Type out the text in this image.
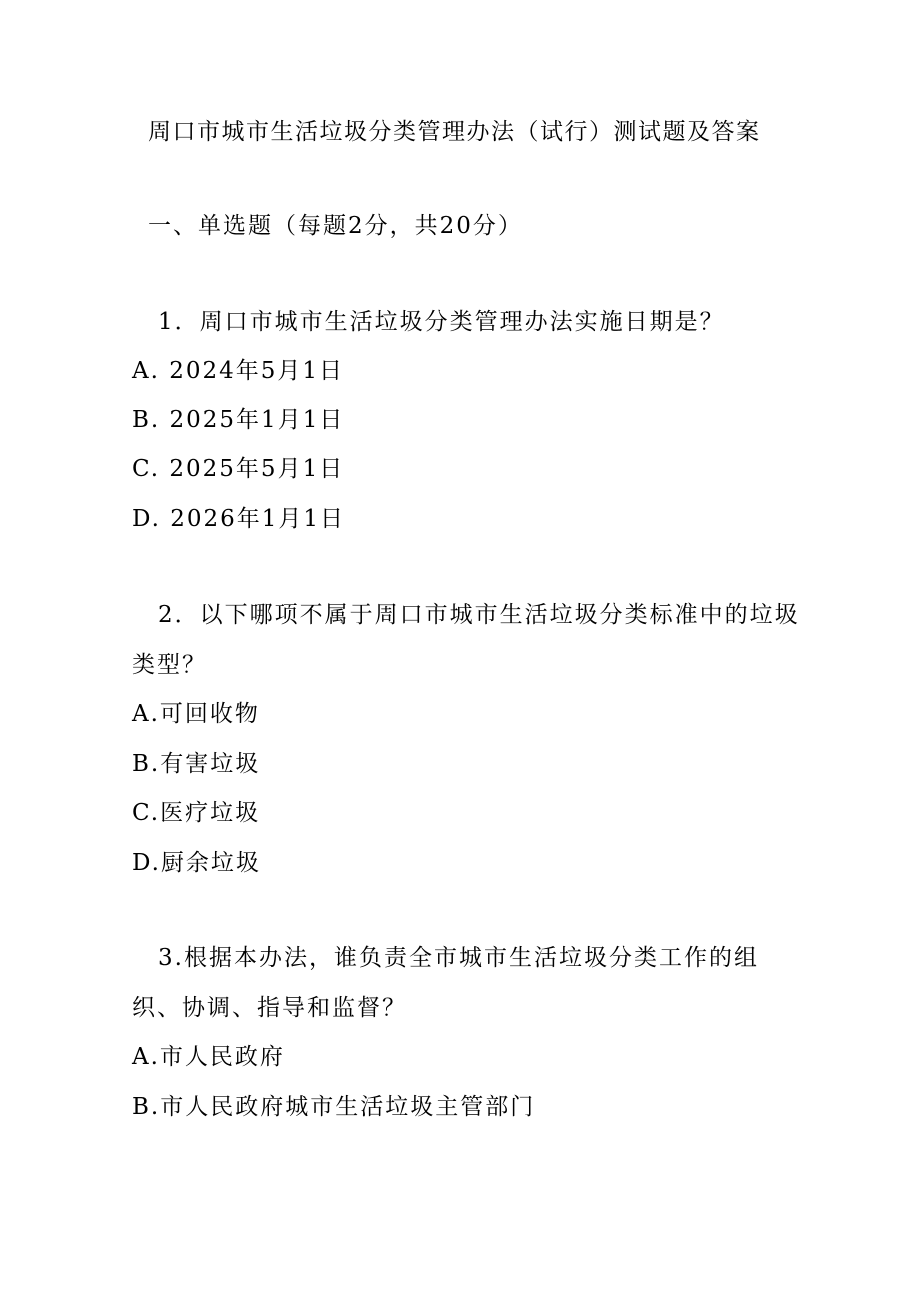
周口市城市生活垃圾分类管理办法（试行）测试题及答案
一、单选题（每题2分，共20分）
1．周口市城市生活垃圾分类管理办法实施日期是？
A. 2024年5月1日
B. 2025年1月1日
C. 2025年5月1日
D. 2026年1月1日
2．以下哪项不属于周口市城市生活垃圾分类标准中的垃圾
类型？
A.可回收物
B.有害垃圾
C.医疗垃圾
D.厨余垃圾
3.根据本办法，谁负责全市城市生活垃圾分类工作的组
织、协调、指导和监督？
A.市人民政府
B.市人民政府城市生活垃圾主管部门
